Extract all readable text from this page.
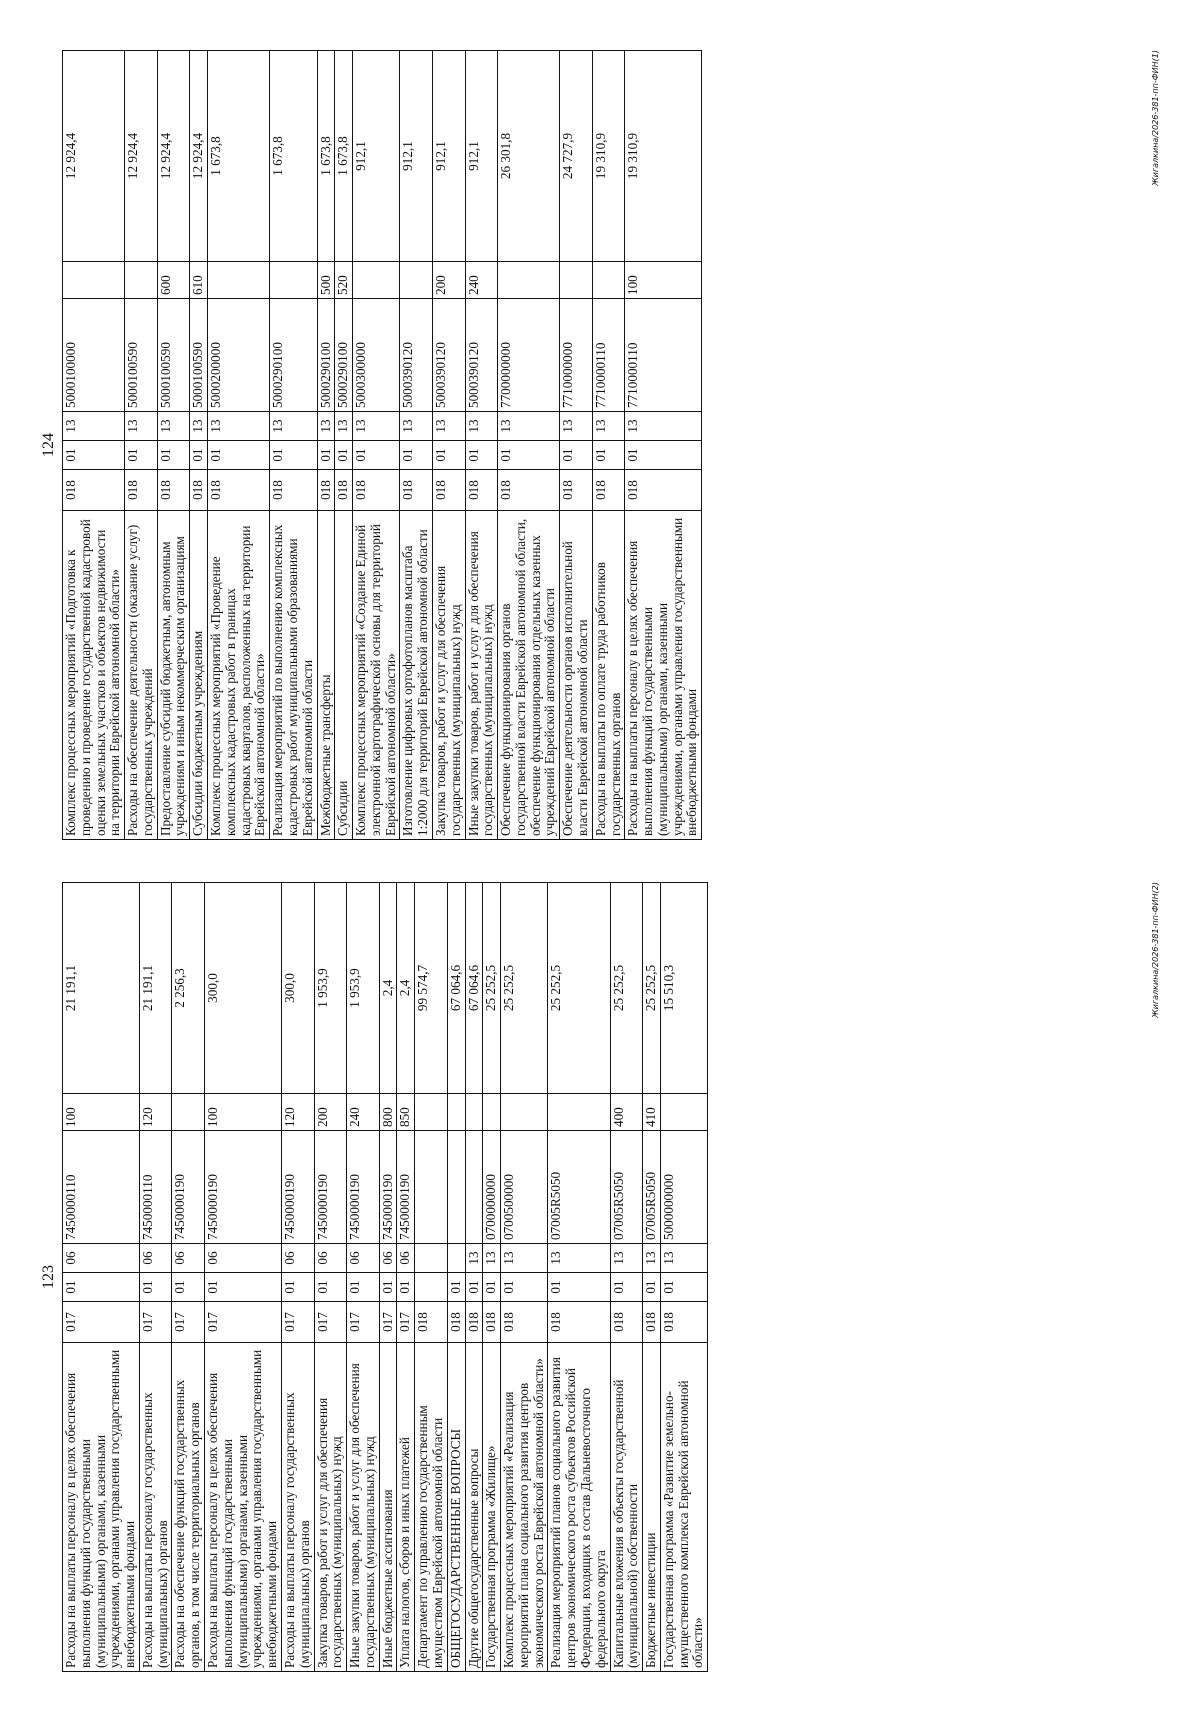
123
Расходы на выплаты персоналу в целях обеспечения выполнения функций государственными (муниципальными) органами, казенными учреждениями, органами управления государственными внебюджетными фондами	017	01	06	7450000110	100	21 191,1
Расходы на выплаты персоналу государственных (муниципальных) органов	017	01	06	7450000110	120	21 191,1
Расходы на обеспечение функций государственных органов, в том числе территориальных органов	017	01	06	7450000190		2 256,3
Расходы на выплаты персоналу в целях обеспечения выполнения функций государственными (муниципальными) органами, казенными учреждениями, органами управления государственными внебюджетными фондами	017	01	06	7450000190	100	300,0
Расходы на выплаты персоналу государственных (муниципальных) органов	017	01	06	7450000190	120	300,0
Закупка товаров, работ и услуг для обеспечения государственных (муниципальных) нужд	017	01	06	7450000190	200	1 953,9
Иные закупки товаров, работ и услуг для обеспечения государственных (муниципальных) нужд	017	01	06	7450000190	240	1 953,9
Иные бюджетные ассигнования	017	01	06	7450000190	800	2,4
Уплата налогов, сборов и иных платежей	017	01	06	7450000190	850	2,4
Департамент по управлению государственным имуществом Еврейской автономной области	018					99 574,7
ОБЩЕГОСУДАРСТВЕННЫЕ ВОПРОСЫ	018	01				67 064,6
Другие общегосударственные вопросы	018	01	13			67 064,6
Государственная программа «Жилище»	018	01	13	0700000000		25 252,5
Комплекс процессных мероприятий «Реализация мероприятий плана социального развития центров экономического роста Еврейской автономной области»	018	01	13	0700500000		25 252,5
Реализация мероприятий планов социального развития центров экономического роста субъектов Российской Федерации, входящих в состав Дальневосточного федерального округа	018	01	13	07005R5050		25 252,5
Капитальные вложения в объекты государственной (муниципальной) собственности	018	01	13	07005R5050	400	25 252,5
Бюджетные инвестиции	018	01	13	07005R5050	410	25 252,5
Государственная программа «Развитие земельно-имущественного комплекса Еврейской автономной области»	018	01	13	5000000000		15 510,3	Жигалкина/2026-381-пп-ФИН(2)
124
Комплекс процессных мероприятий «Подготовка к проведению и проведение государственной кадастровой оценки земельных участков и объектов недвижимости на территории Еврейской автономной области»	018	01	13	5000100000		12 924,4
Расходы на обеспечение деятельности (оказание услуг) государственных учреждений	018	01	13	5000100590		12 924,4
Предоставление субсидий бюджетным, автономным учреждениям и иным некоммерческим организациям	018	01	13	5000100590	600	12 924,4
Субсидии бюджетным учреждениям	018	01	13	5000100590	610	12 924,4
Комплекс процессных мероприятий «Проведение комплексных кадастровых работ в границах кадастровых кварталов, расположенных на территории Еврейской автономной области»	018	01	13	5000200000		1 673,8
Реализация мероприятий по выполнению комплексных кадастровых работ муниципальными образованиями Еврейской автономной области	018	01	13	5000290100		1 673,8
Межбюджетные трансферты	018	01	13	5000290100	500	1 673,8
Субсидии	018	01	13	5000290100	520	1 673,8
Комплекс процессных мероприятий «Создание Единой электронной картографической основы для территорий Еврейской автономной области»	018	01	13	5000300000		912,1
Изготовление цифровых ортофотопланов масштаба 1:2000 для территорий Еврейской автономной области	018	01	13	5000390120		912,1
Закупка товаров, работ и услуг для обеспечения государственных (муниципальных) нужд	018	01	13	5000390120	200	912,1
Иные закупки товаров, работ и услуг для обеспечения государственных (муниципальных) нужд	018	01	13	5000390120	240	912,1
Обеспечение функционирования органов государственной власти Еврейской автономной области, обеспечение функционирования отдельных казенных учреждений Еврейской автономной области	018	01	13	7700000000		26 301,8
Обеспечение деятельности органов исполнительной власти Еврейской автономной области	018	01	13	7710000000		24 727,9
Расходы на выплаты по оплате труда работников государственных органов	018	01	13	7710000110		19 310,9
Расходы на выплаты персоналу в целях обеспечения выполнения функций государственными (муниципальными) органами, казенными учреждениями, органами управления государственными внебюджетными фондами	018	01	13	7710000110	100	19 310,9	Жигалкина/2026-381-пп-ФИН(1)
